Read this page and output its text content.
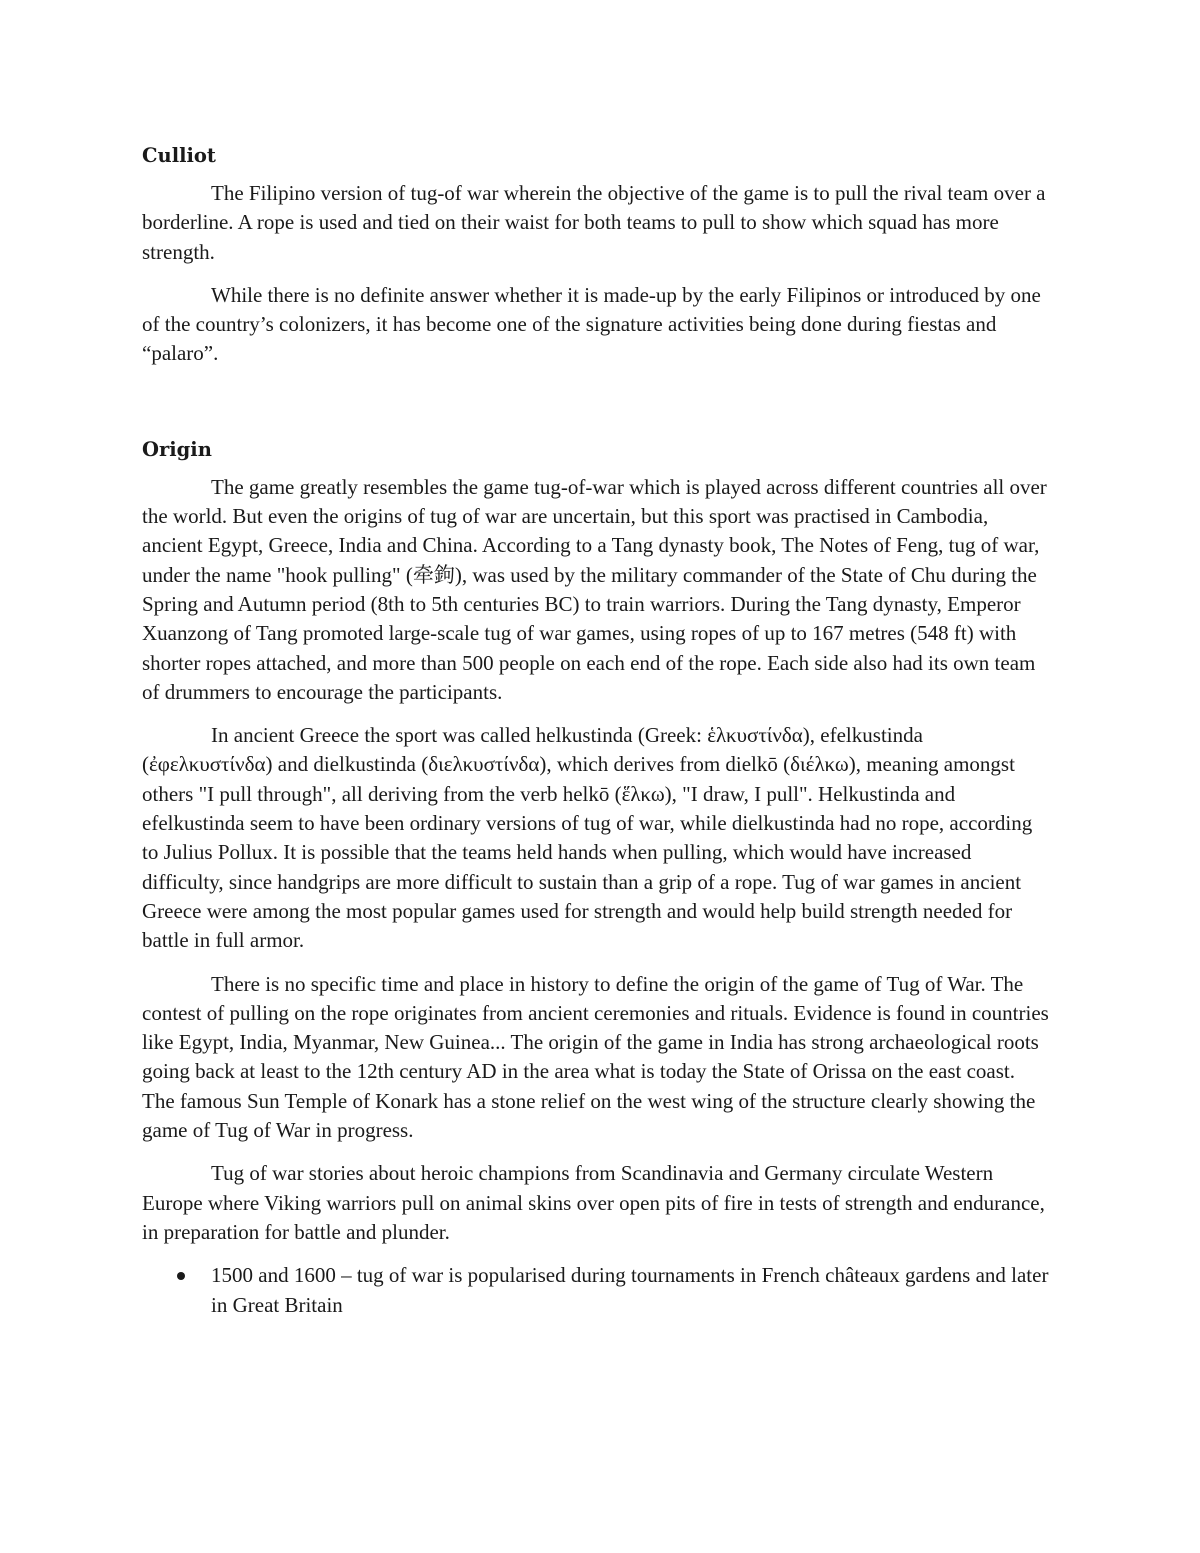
Culliot

The Filipino version of tug-of war wherein the objective of the game is to pull the rival team over a borderline. A rope is used and tied on their waist for both teams to pull to show which squad has more strength.

While there is no definite answer whether it is made-up by the early Filipinos or introduced by one of the country’s colonizers, it has become one of the signature activities being done during fiestas and “palaro”.

Origin

The game greatly resembles the game tug-of-war which is played across different countries all over the world. But even the origins of tug of war are uncertain, but this sport was practised in Cambodia, ancient Egypt, Greece, India and China. According to a Tang dynasty book, The Notes of Feng, tug of war, under the name "hook pulling" (牵鉤), was used by the military commander of the State of Chu during the Spring and Autumn period (8th to 5th centuries BC) to train warriors. During the Tang dynasty, Emperor Xuanzong of Tang promoted large-scale tug of war games, using ropes of up to 167 metres (548 ft) with shorter ropes attached, and more than 500 people on each end of the rope. Each side also had its own team of drummers to encourage the participants.

In ancient Greece the sport was called helkustinda (Greek: ἑλκυστίνδα), efelkustinda (ἐφελκυστίνδα) and dielkustinda (διελκυστίνδα), which derives from dielkō (διέλκω), meaning amongst others "I pull through", all deriving from the verb helkō (ἕλκω), "I draw, I pull". Helkustinda and efelkustinda seem to have been ordinary versions of tug of war, while dielkustinda had no rope, according to Julius Pollux. It is possible that the teams held hands when pulling, which would have increased difficulty, since handgrips are more difficult to sustain than a grip of a rope. Tug of war games in ancient Greece were among the most popular games used for strength and would help build strength needed for battle in full armor.

There is no specific time and place in history to define the origin of the game of Tug of War. The contest of pulling on the rope originates from ancient ceremonies and rituals. Evidence is found in countries like Egypt, India, Myanmar, New Guinea... The origin of the game in India has strong archaeological roots going back at least to the 12th century AD in the area what is today the State of Orissa on the east coast. The famous Sun Temple of Konark has a stone relief on the west wing of the structure clearly showing the game of Tug of War in progress.

Tug of war stories about heroic champions from Scandinavia and Germany circulate Western Europe where Viking warriors pull on animal skins over open pits of fire in tests of strength and endurance, in preparation for battle and plunder.

1500 and 1600 – tug of war is popularised during tournaments in French châteaux gardens and later in Great Britain
